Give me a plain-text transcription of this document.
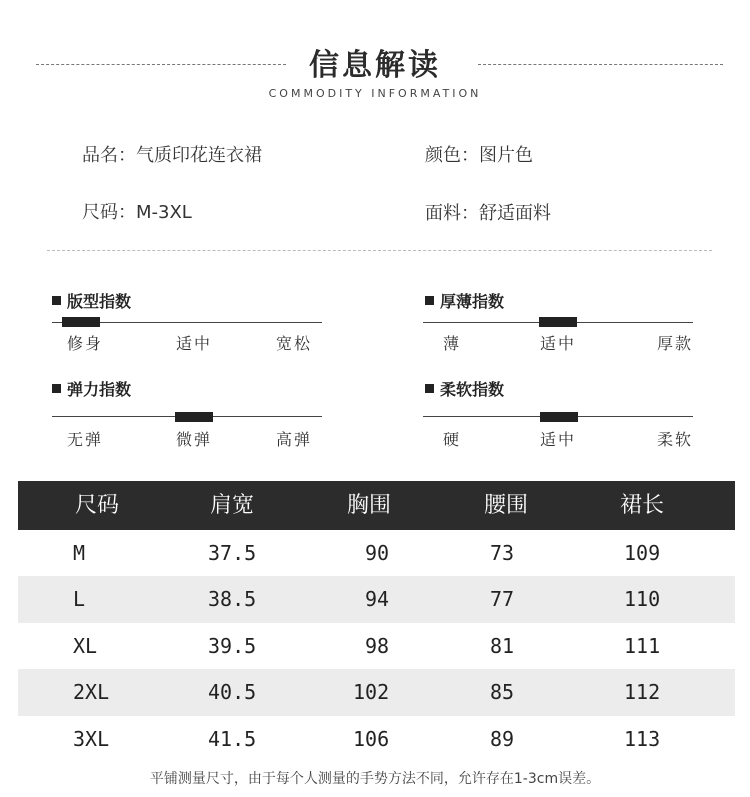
信息解读
COMMODITY INFORMATION
品名：气质印花连衣裙	颜色：图片色
尺码：M-3XL	面料：舒适面料
版型指数
修身	适中	宽松
厚薄指数
薄	适中	厚款
弹力指数
无弹	微弹	高弹
柔软指数
硬	适中	柔软
尺码	肩宽	胸围	腰围	裙长
M	37.5	90	73	109
L	38.5	94	77	110
XL	39.5	98	81	111
2XL	40.5	102	85	112
3XL	41.5	106	89	113
平铺测量尺寸，由于每个人测量的手势方法不同，允许存在1-3cm误差。
